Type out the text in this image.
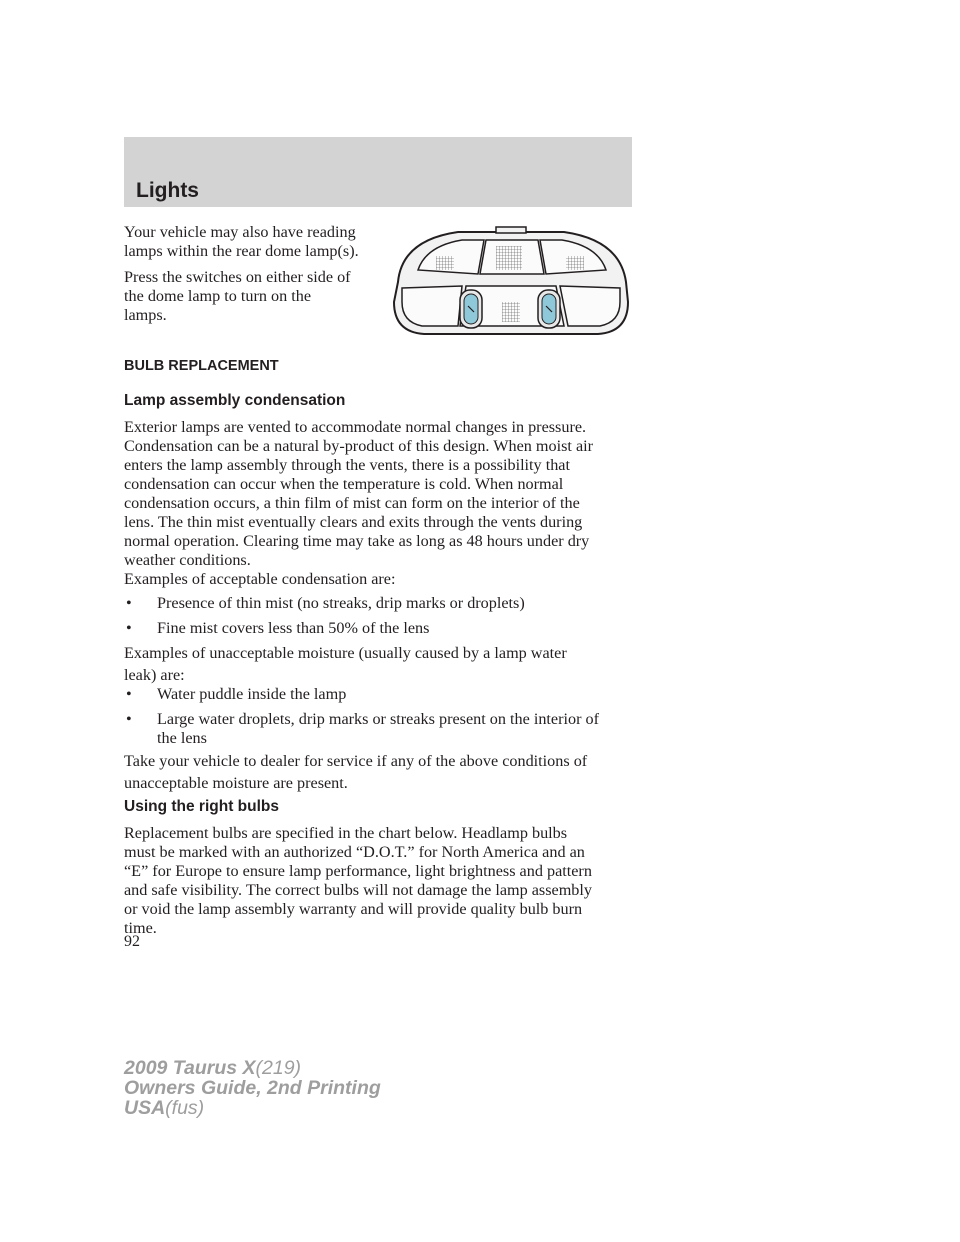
Lights
Your vehicle may also have reading
lamps within the rear dome lamp(s).
Press the switches on either side of
the dome lamp to turn on the
lamps.
BULB REPLACEMENT
Lamp assembly condensation
Exterior lamps are vented to accommodate normal changes in pressure.
Condensation can be a natural by-product of this design. When moist air
enters the lamp assembly through the vents, there is a possibility that
condensation can occur when the temperature is cold. When normal
condensation occurs, a thin film of mist can form on the interior of the
lens. The thin mist eventually clears and exits through the vents during
normal operation. Clearing time may take as long as 48 hours under dry
weather conditions.
Examples of acceptable condensation are:
• Presence of thin mist (no streaks, drip marks or droplets)
• Fine mist covers less than 50% of the lens
Examples of unacceptable moisture (usually caused by a lamp water
leak) are:
• Water puddle inside the lamp
• Large water droplets, drip marks or streaks present on the interior of
the lens
Take your vehicle to dealer for service if any of the above conditions of
unacceptable moisture are present.
Using the right bulbs
Replacement bulbs are specified in the chart below. Headlamp bulbs
must be marked with an authorized “D.O.T.” for North America and an
“E” for Europe to ensure lamp performance, light brightness and pattern
and safe visibility. The correct bulbs will not damage the lamp assembly
or void the lamp assembly warranty and will provide quality bulb burn
time.
92
2009 Taurus X(219)
Owners Guide, 2nd Printing
USA(fus)
